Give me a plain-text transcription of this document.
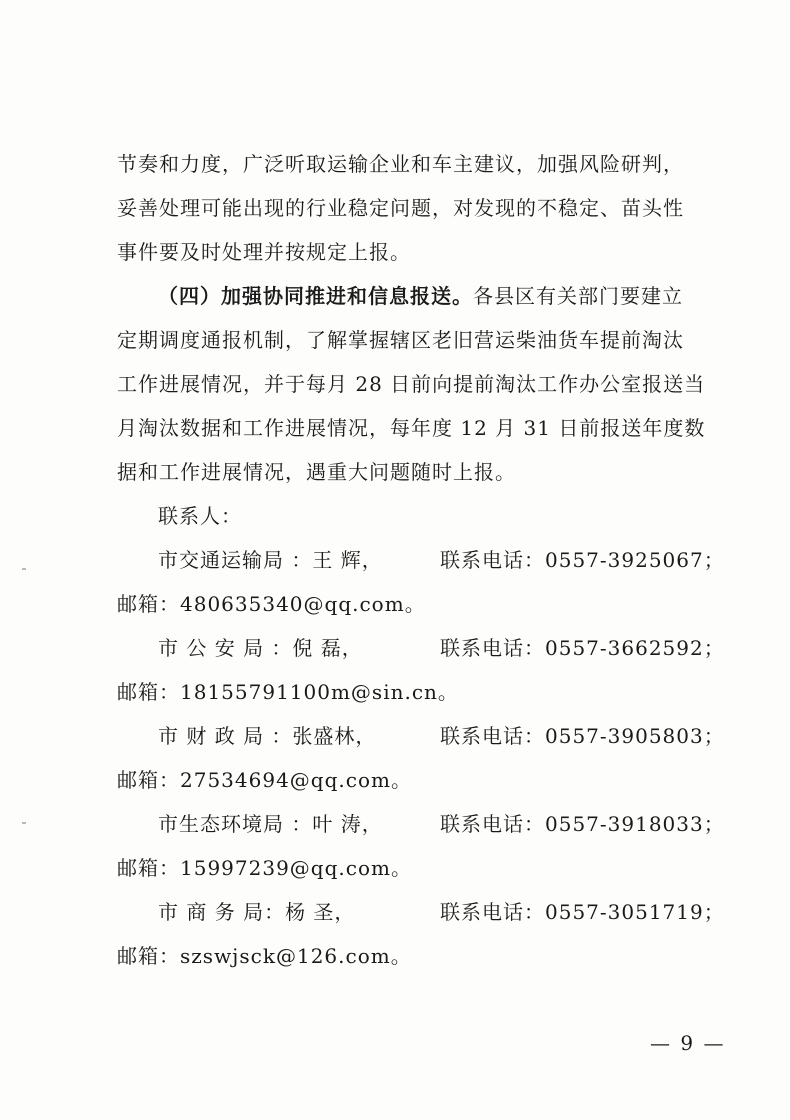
节奏和力度，广泛听取运输企业和车主建议，加强风险研判，
妥善处理可能出现的行业稳定问题，对发现的不稳定、苗头性
事件要及时处理并按规定上报。
（四）加强协同推进和信息报送。各县区有关部门要建立
定期调度通报机制，了解掌握辖区老旧营运柴油货车提前淘汰
工作进展情况，并于每月 28 日前向提前淘汰工作办公室报送当
月淘汰数据和工作进展情况，每年度 12 月 31 日前报送年度数
据和工作进展情况，遇重大问题随时上报。
联系人：
市交通运输局 ：王 辉，	联系电话：0557-3925067；
邮箱：480635340@qq.com。
市 公 安 局 ：倪 磊，	联系电话：0557-3662592；
邮箱：18155791100m@sin.cn。
市 财 政 局 ：张盛林，	联系电话：0557-3905803；
邮箱：27534694@qq.com。
市生态环境局 ：叶 涛，	联系电话：0557-3918033；
邮箱：15997239@qq.com。
市 商 务 局：杨 圣，	联系电话：0557-3051719；
邮箱：szswjsck@126.com。
— 9 —
